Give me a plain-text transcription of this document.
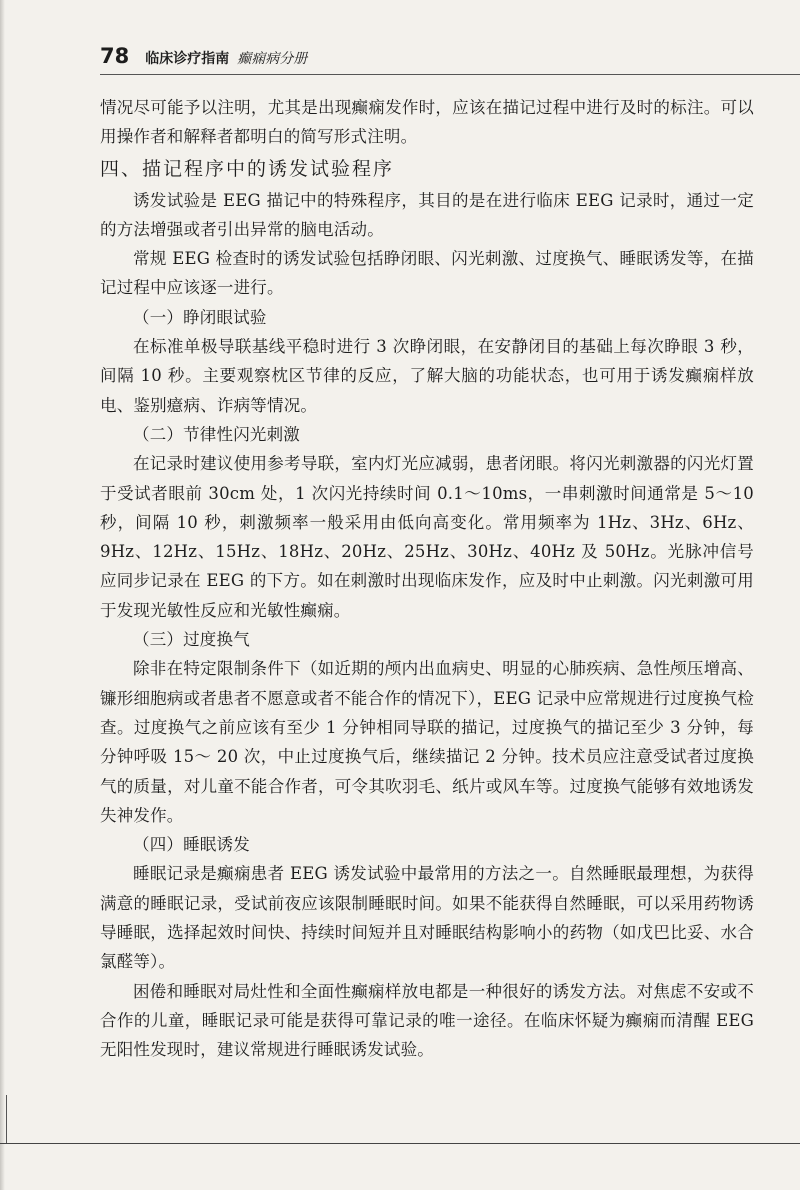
78 临床诊疗指南 癫痫病分册

情况尽可能予以注明，尤其是出现癫痫发作时，应该在描记过程中进行及时的标注。可以用操作者和解释者都明白的简写形式注明。

四、描记程序中的诱发试验程序

诱发试验是 EEG 描记中的特殊程序，其目的是在进行临床 EEG 记录时，通过一定的方法增强或者引出异常的脑电活动。

常规 EEG 检查时的诱发试验包括睁闭眼、闪光刺激、过度换气、睡眠诱发等，在描记过程中应该逐一进行。

（一）睁闭眼试验

在标准单极导联基线平稳时进行 3 次睁闭眼，在安静闭目的基础上每次睁眼 3 秒，间隔 10 秒。主要观察枕区节律的反应，了解大脑的功能状态，也可用于诱发癫痫样放电、鉴别癔病、诈病等情况。

（二）节律性闪光刺激

在记录时建议使用参考导联，室内灯光应减弱，患者闭眼。将闪光刺激器的闪光灯置于受试者眼前 30cm 处，1 次闪光持续时间 0.1～10ms，一串刺激时间通常是 5～10 秒，间隔 10 秒，刺激频率一般采用由低向高变化。常用频率为 1Hz、3Hz、6Hz、9Hz、12Hz、15Hz、18Hz、20Hz、25Hz、30Hz、40Hz 及 50Hz。光脉冲信号应同步记录在 EEG 的下方。如在刺激时出现临床发作，应及时中止刺激。闪光刺激可用于发现光敏性反应和光敏性癫痫。

（三）过度换气

除非在特定限制条件下（如近期的颅内出血病史、明显的心肺疾病、急性颅压增高、镰形细胞病或者患者不愿意或者不能合作的情况下），EEG 记录中应常规进行过度换气检查。过度换气之前应该有至少 1 分钟相同导联的描记，过度换气的描记至少 3 分钟，每分钟呼吸 15～ 20 次，中止过度换气后，继续描记 2 分钟。技术员应注意受试者过度换气的质量，对儿童不能合作者，可令其吹羽毛、纸片或风车等。过度换气能够有效地诱发失神发作。

（四）睡眠诱发

睡眠记录是癫痫患者 EEG 诱发试验中最常用的方法之一。自然睡眠最理想，为获得满意的睡眠记录，受试前夜应该限制睡眠时间。如果不能获得自然睡眠，可以采用药物诱导睡眠，选择起效时间快、持续时间短并且对睡眠结构影响小的药物（如戊巴比妥、水合氯醛等）。

困倦和睡眠对局灶性和全面性癫痫样放电都是一种很好的诱发方法。对焦虑不安或不合作的儿童，睡眠记录可能是获得可靠记录的唯一途径。在临床怀疑为癫痫而清醒 EEG 无阳性发现时，建议常规进行睡眠诱发试验。
